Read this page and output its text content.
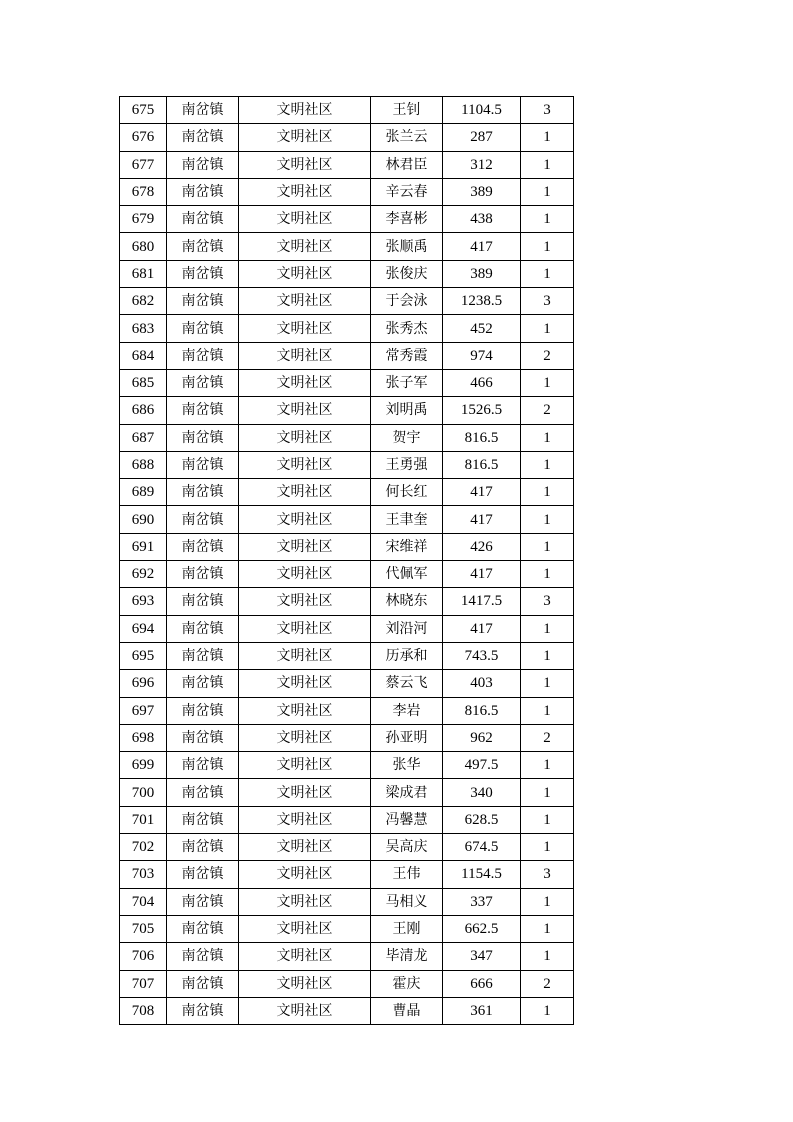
675	南岔镇	文明社区	王钊	1104.5	3
676	南岔镇	文明社区	张兰云	287	1
677	南岔镇	文明社区	林君臣	312	1
678	南岔镇	文明社区	辛云春	389	1
679	南岔镇	文明社区	李喜彬	438	1
680	南岔镇	文明社区	张顺禹	417	1
681	南岔镇	文明社区	张俊庆	389	1
682	南岔镇	文明社区	于会泳	1238.5	3
683	南岔镇	文明社区	张秀杰	452	1
684	南岔镇	文明社区	常秀霞	974	2
685	南岔镇	文明社区	张子军	466	1
686	南岔镇	文明社区	刘明禹	1526.5	2
687	南岔镇	文明社区	贺宇	816.5	1
688	南岔镇	文明社区	王勇强	816.5	1
689	南岔镇	文明社区	何长红	417	1
690	南岔镇	文明社区	王聿奎	417	1
691	南岔镇	文明社区	宋维祥	426	1
692	南岔镇	文明社区	代佩军	417	1
693	南岔镇	文明社区	林晓东	1417.5	3
694	南岔镇	文明社区	刘沿河	417	1
695	南岔镇	文明社区	历承和	743.5	1
696	南岔镇	文明社区	蔡云飞	403	1
697	南岔镇	文明社区	李岩	816.5	1
698	南岔镇	文明社区	孙亚明	962	2
699	南岔镇	文明社区	张华	497.5	1
700	南岔镇	文明社区	梁成君	340	1
701	南岔镇	文明社区	冯馨慧	628.5	1
702	南岔镇	文明社区	吴高庆	674.5	1
703	南岔镇	文明社区	王伟	1154.5	3
704	南岔镇	文明社区	马相义	337	1
705	南岔镇	文明社区	王刚	662.5	1
706	南岔镇	文明社区	毕清龙	347	1
707	南岔镇	文明社区	霍庆	666	2
708	南岔镇	文明社区	曹晶	361	1
